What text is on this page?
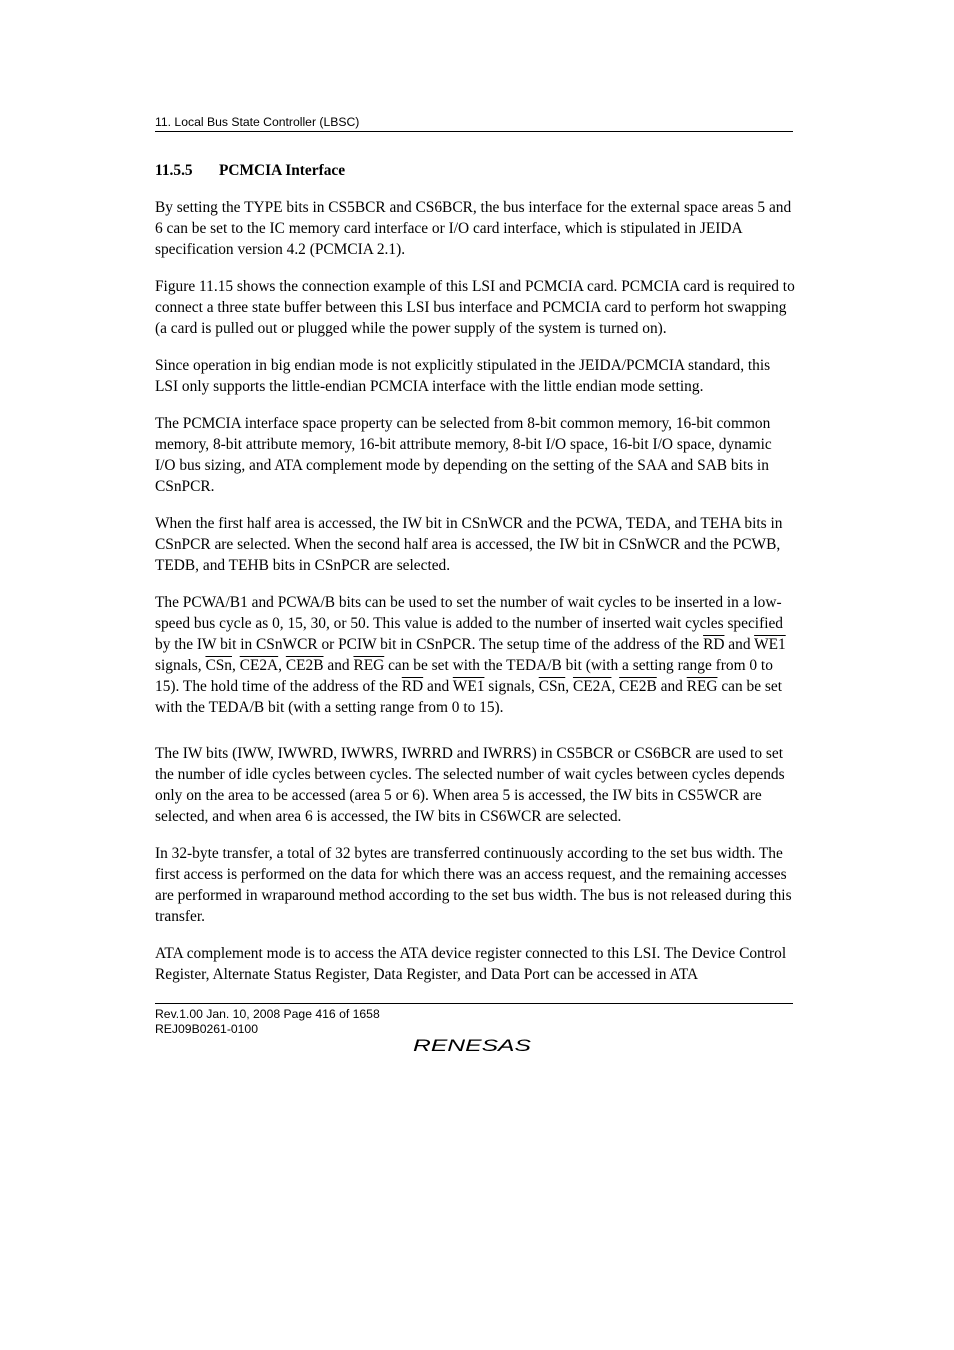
11. Local Bus State Controller (LBSC)
11.5.5 PCMCIA Interface

By setting the TYPE bits in CS5BCR and CS6BCR, the bus interface for the external space areas 5 and 6 can be set to the IC memory card interface or I/O card interface, which is stipulated in JEIDA specification version 4.2 (PCMCIA 2.1).

Figure 11.15 shows the connection example of this LSI and PCMCIA card. PCMCIA card is required to connect a three state buffer between this LSI bus interface and PCMCIA card to perform hot swapping (a card is pulled out or plugged while the power supply of the system is turned on).

Since operation in big endian mode is not explicitly stipulated in the JEIDA/PCMCIA standard, this LSI only supports the little-endian PCMCIA interface with the little endian mode setting.

The PCMCIA interface space property can be selected from 8-bit common memory, 16-bit common memory, 8-bit attribute memory, 16-bit attribute memory, 8-bit I/O space, 16-bit I/O space, dynamic I/O bus sizing, and ATA complement mode by depending on the setting of the SAA and SAB bits in CSnPCR.

When the first half area is accessed, the IW bit in CSnWCR and the PCWA, TEDA, and TEHA bits in CSnPCR are selected. When the second half area is accessed, the IW bit in CSnWCR and the PCWB, TEDB, and TEHB bits in CSnPCR are selected.

The PCWA/B1 and PCWA/B bits can be used to set the number of wait cycles to be inserted in a low-speed bus cycle as 0, 15, 30, or 50. This value is added to the number of inserted wait cycles specified by the IW bit in CSnWCR or PCIW bit in CSnPCR. The setup time of the address of the $\overline{RD}$ and WE1 signals, $\overline{CSn}$, CE2A, CE2B and $\overline{REG}$ can be set with the TEDA/B bit (with a setting range from 0 to 15). The hold time of the address of the $\overline{RD}$ and WE1 signals, $\overline{CSn}$, CE2A, CE2B and $\overline{REG}$ can be set with the TEDA/B bit (with a setting range from 0 to 15).

The IW bits (IWW, IWWRD, IWWRS, IWRRD and IWRRS) in CS5BCR or CS6BCR are used to set the number of idle cycles between cycles. The selected number of wait cycles between cycles depends only on the area to be accessed (area 5 or 6). When area 5 is accessed, the IW bits in CS5WCR are selected, and when area 6 is accessed, the IW bits in CS6WCR are selected.

In 32-byte transfer, a total of 32 bytes are transferred continuously according to the set bus width. The first access is performed on the data for which there was an access request, and the remaining accesses are performed in wraparound method according to the set bus width. The bus is not released during this transfer.

ATA complement mode is to access the ATA device register connected to this LSI. The Device Control Register, Alternate Status Register, Data Register, and Data Port can be accessed in ATA

Rev.1.00 Jan. 10, 2008 Page 416 of 1658
REJ09B0261-0100
RENESAS
